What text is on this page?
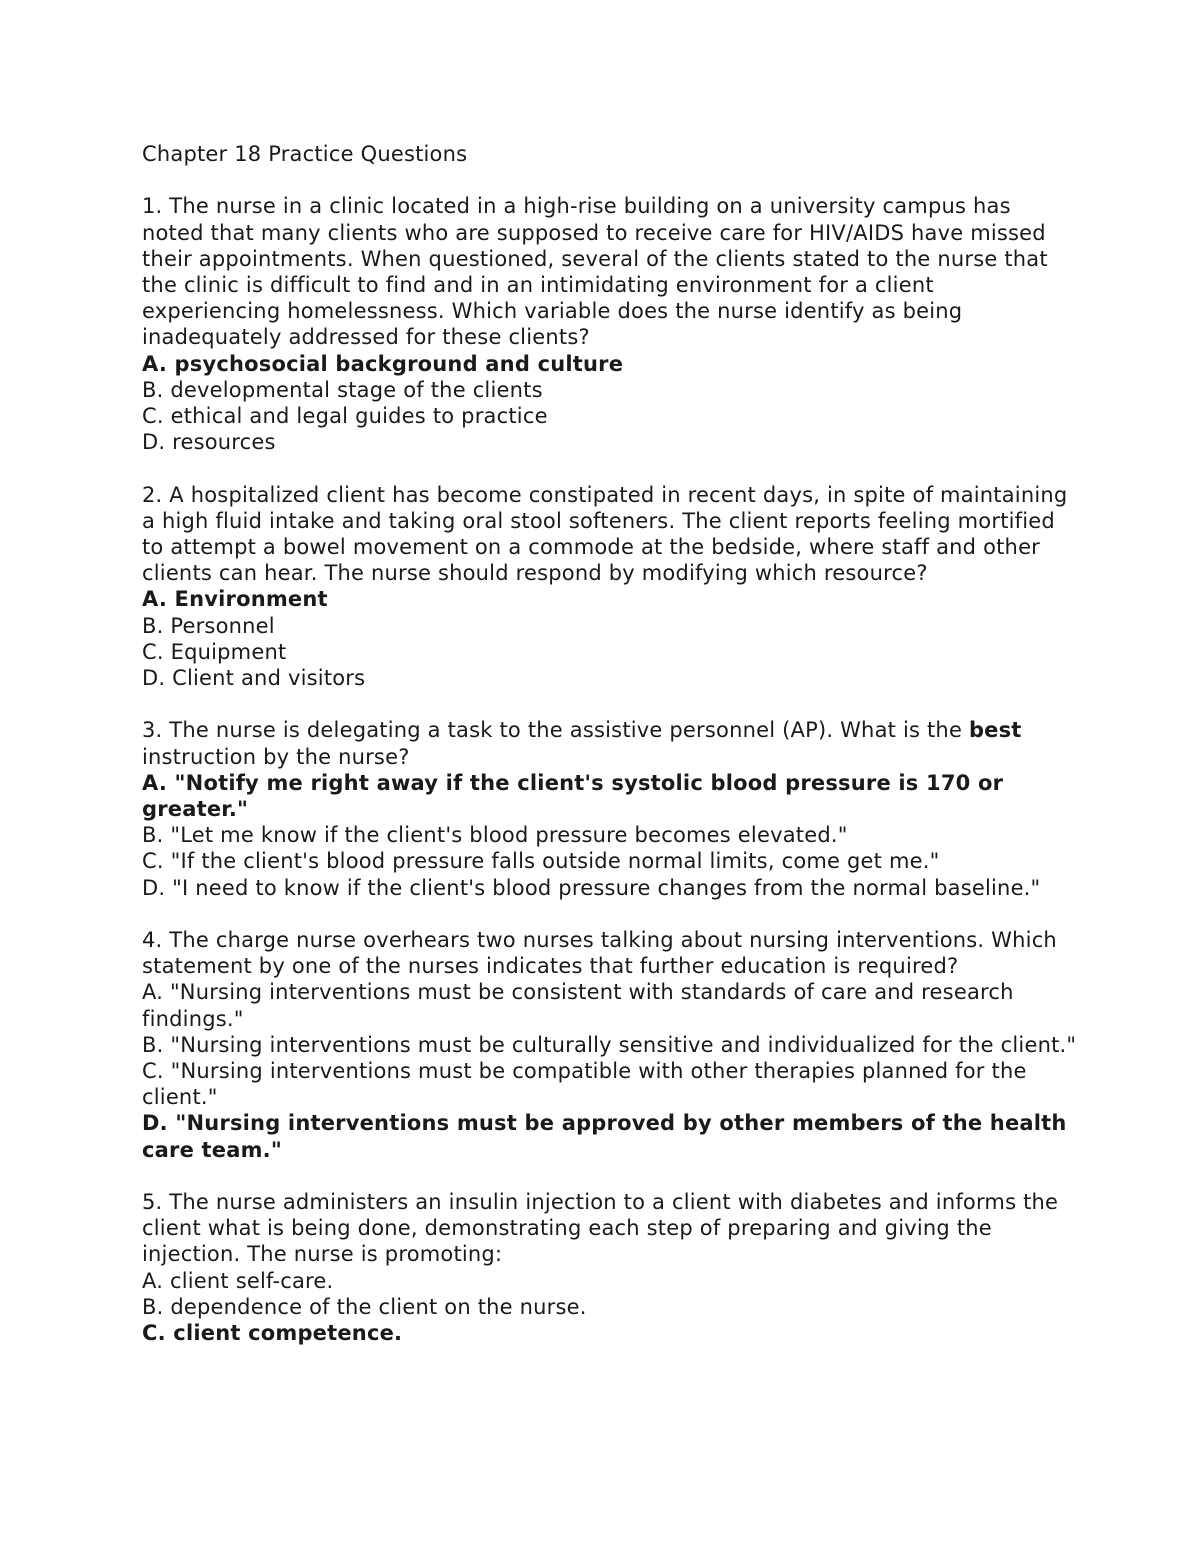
Chapter 18 Practice Questions

1. The nurse in a clinic located in a high-rise building on a university campus has noted that many clients who are supposed to receive care for HIV/AIDS have missed their appointments. When questioned, several of the clients stated to the nurse that the clinic is difficult to find and in an intimidating environment for a client experiencing homelessness. Which variable does the nurse identify as being inadequately addressed for these clients?
A. psychosocial background and culture
B. developmental stage of the clients
C. ethical and legal guides to practice
D. resources
2. A hospitalized client has become constipated in recent days, in spite of maintaining a high fluid intake and taking oral stool softeners. The client reports feeling mortified to attempt a bowel movement on a commode at the bedside, where staff and other clients can hear. The nurse should respond by modifying which resource?
A. Environment
B. Personnel
C. Equipment
D. Client and visitors
3. The nurse is delegating a task to the assistive personnel (AP). What is the best instruction by the nurse?
A. "Notify me right away if the client's systolic blood pressure is 170 or greater."
B. "Let me know if the client's blood pressure becomes elevated."
C. "If the client's blood pressure falls outside normal limits, come get me."
D. "I need to know if the client's blood pressure changes from the normal baseline."
4. The charge nurse overhears two nurses talking about nursing interventions. Which statement by one of the nurses indicates that further education is required?
A. "Nursing interventions must be consistent with standards of care and research findings."
B. "Nursing interventions must be culturally sensitive and individualized for the client."
C. "Nursing interventions must be compatible with other therapies planned for the client."
D. "Nursing interventions must be approved by other members of the health care team."
5. The nurse administers an insulin injection to a client with diabetes and informs the client what is being done, demonstrating each step of preparing and giving the injection. The nurse is promoting:
A. client self-care.
B. dependence of the client on the nurse.
C. client competence.
